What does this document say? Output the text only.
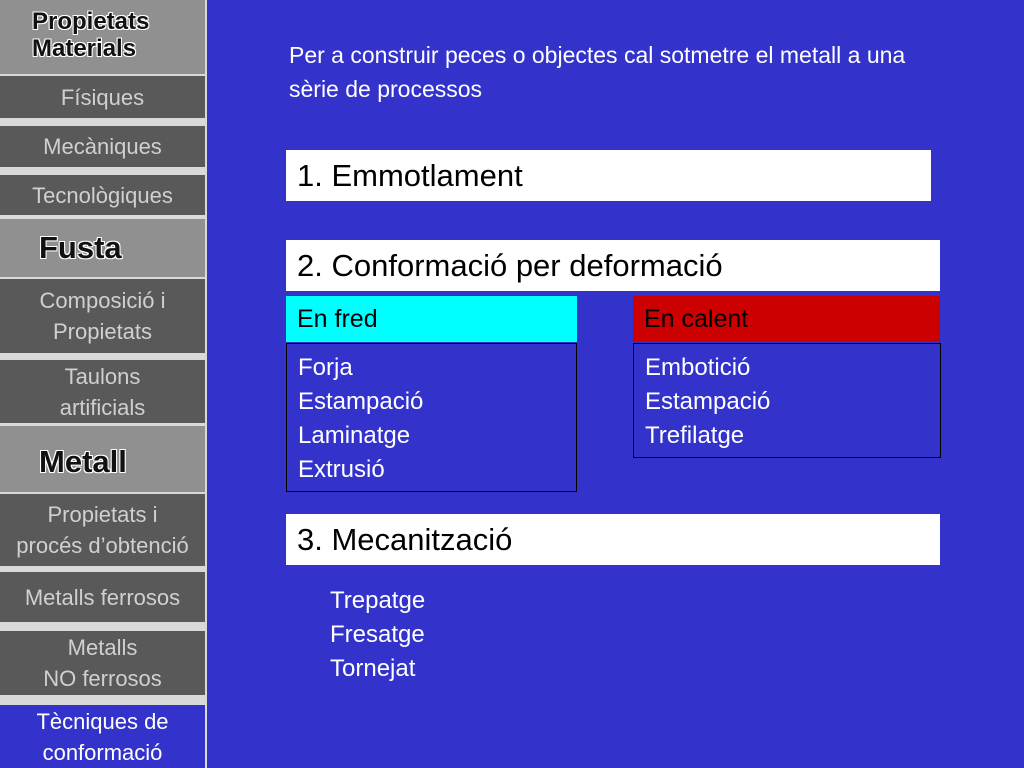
Propietats
Materials
Físiques
Mecàniques
Tecnològiques
Fusta
Composició i
Propietats
Taulons
artificials
Metall
Propietats i
procés d’obtenció
Metalls ferrosos
Metalls
NO ferrosos
Tècniques de
conformació
Per a construir peces o objectes cal sotmetre el metall a una sèrie de processos
1. Emmotlament
2. Conformació per deformació
En fred	En calent
Forja
Estampació
Laminatge
Extrusió
Embotició
Estampació
Trefilatge
3. Mecanització
Trepatge
Fresatge
Tornejat
